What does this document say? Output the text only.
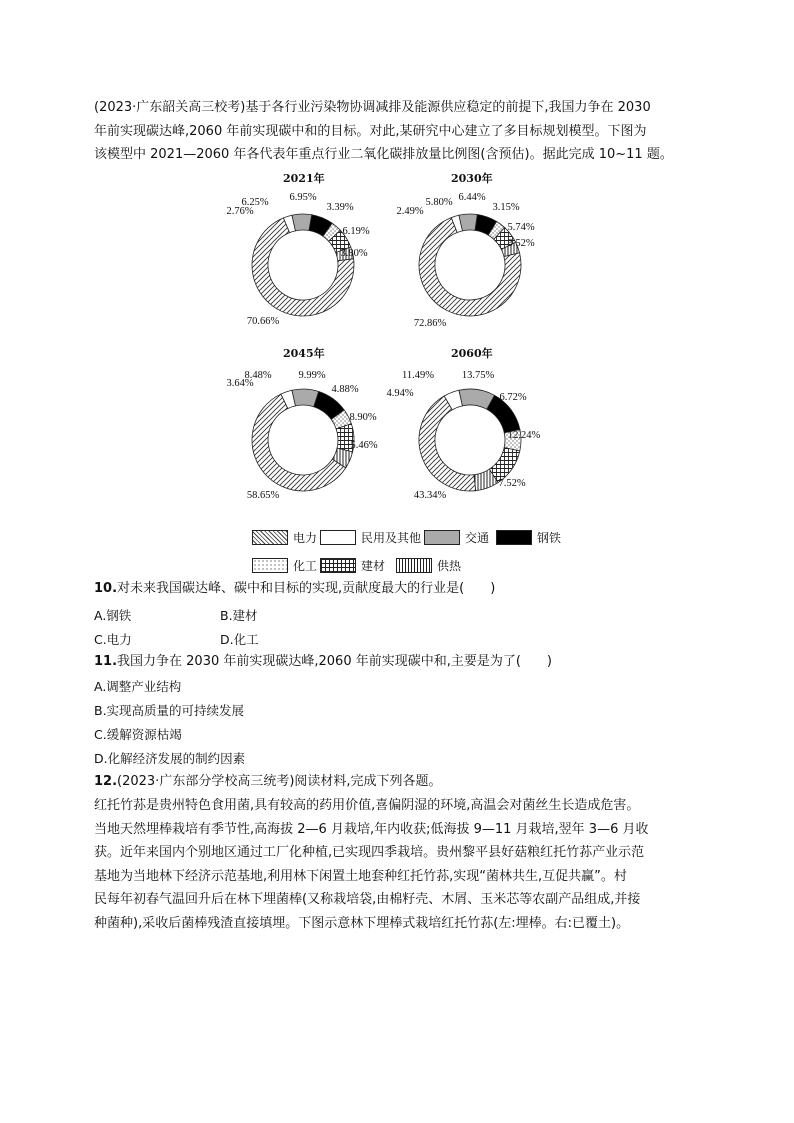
(2023·广东韶关高三校考)基于各行业污染物协调减排及能源供应稳定的前提下,我国力争在 2030
年前实现碳达峰,2060 年前实现碳中和的目标。对此,某研究中心建立了多目标规划模型。下图为
该模型中 2021—2060 年各代表年重点行业二氧化碳排放量比例图(含预估)。据此完成 10~11 题。
2021年	2030年
2045年	2060年
70.66%
6.25% 6.95%
3.39%
6.19%
3.80%
2.76%
72.86%
5.80% 6.44%
3.15%
5.74%
3.52%
2.49%
58.65%
8.48%	9.99%
4.88%
8.90%
5.46%
3.64%
43.34%
11.49%	13.75%
6.72%
12.24%
7.52%
4.94%
电力	民用及其他	交通	钢铁
化工	建材	供热
10.对未来我国碳达峰、碳中和目标的实现,贡献度最大的行业是(　　)
A.钢铁	B.建材
C.电力	D.化工
11.我国力争在 2030 年前实现碳达峰,2060 年前实现碳中和,主要是为了(　　)
A.调整产业结构
B.实现高质量的可持续发展
C.缓解资源枯竭
D.化解经济发展的制约因素
12.(2023·广东部分学校高三统考)阅读材料,完成下列各题。
红托竹荪是贵州特色食用菌,具有较高的药用价值,喜偏阴湿的环境,高温会对菌丝生长造成危害。
当地天然埋棒栽培有季节性,高海拔 2—6 月栽培,年内收获;低海拔 9—11 月栽培,翌年 3—6 月收
获。近年来国内个别地区通过工厂化种植,已实现四季栽培。贵州黎平县好菇粮红托竹荪产业示范
基地为当地林下经济示范基地,利用林下闲置土地套种红托竹荪,实现“菌林共生,互促共赢”。村
民每年初春气温回升后在林下埋菌棒(又称栽培袋,由棉籽壳、木屑、玉米芯等农副产品组成,并接
种菌种),采收后菌棒残渣直接填埋。下图示意林下埋棒式栽培红托竹荪(左:埋棒。右:已覆土)。
